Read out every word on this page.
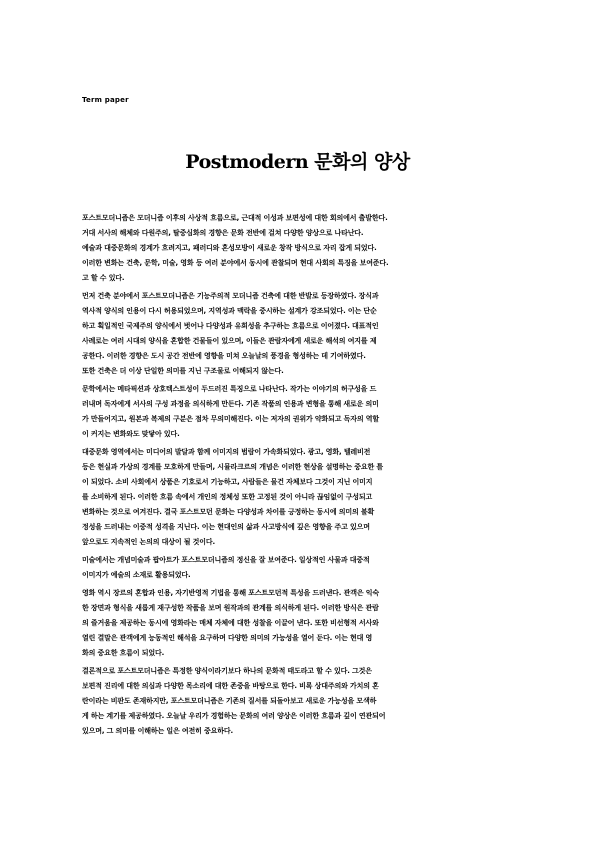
Term paper
Postmodern 문화의 양상
포스트모더니즘은 모더니즘 이후의 사상적 흐름으로, 근대적 이성과 보편성에 대한 회의에서 출발한다.
거대 서사의 해체와 다원주의, 탈중심화의 경향은 문화 전반에 걸쳐 다양한 양상으로 나타난다.
예술과 대중문화의 경계가 흐려지고, 패러디와 혼성모방이 새로운 창작 방식으로 자리 잡게 되었다.
이러한 변화는 건축, 문학, 미술, 영화 등 여러 분야에서 동시에 관찰되며 현대 사회의 특징을 보여준다.
고 할 수 있다.
먼저 건축 분야에서 포스트모더니즘은 기능주의적 모더니즘 건축에 대한 반발로 등장하였다. 장식과
역사적 양식의 인용이 다시 허용되었으며, 지역성과 맥락을 중시하는 설계가 강조되었다. 이는 단순
하고 획일적인 국제주의 양식에서 벗어나 다양성과 유희성을 추구하는 흐름으로 이어졌다. 대표적인
사례로는 여러 시대의 양식을 혼합한 건물들이 있으며, 이들은 관람자에게 새로운 해석의 여지를 제
공한다. 이러한 경향은 도시 공간 전반에 영향을 미쳐 오늘날의 풍경을 형성하는 데 기여하였다.
또한 건축은 더 이상 단일한 의미를 지닌 구조물로 이해되지 않는다.
문학에서는 메타픽션과 상호텍스트성이 두드러진 특징으로 나타난다. 작가는 이야기의 허구성을 드
러내며 독자에게 서사의 구성 과정을 의식하게 만든다. 기존 작품의 인용과 변형을 통해 새로운 의미
가 만들어지고, 원본과 복제의 구분은 점차 무의미해진다. 이는 저자의 권위가 약화되고 독자의 역할
이 커지는 변화와도 맞닿아 있다.
대중문화 영역에서는 미디어의 발달과 함께 이미지의 범람이 가속화되었다. 광고, 영화, 텔레비전
등은 현실과 가상의 경계를 모호하게 만들며, 시뮬라크르의 개념은 이러한 현상을 설명하는 중요한 틀
이 되었다. 소비 사회에서 상품은 기호로서 기능하고, 사람들은 물건 자체보다 그것이 지닌 이미지
를 소비하게 된다. 이러한 흐름 속에서 개인의 정체성 또한 고정된 것이 아니라 끊임없이 구성되고
변화하는 것으로 여겨진다. 결국 포스트모던 문화는 다양성과 차이를 긍정하는 동시에 의미의 불확
정성을 드러내는 이중적 성격을 지닌다. 이는 현대인의 삶과 사고방식에 깊은 영향을 주고 있으며
앞으로도 지속적인 논의의 대상이 될 것이다.
미술에서는 개념미술과 팝아트가 포스트모더니즘의 정신을 잘 보여준다. 일상적인 사물과 대중적
이미지가 예술의 소재로 활용되었다.
영화 역시 장르의 혼합과 인용, 자기반영적 기법을 통해 포스트모던적 특성을 드러낸다. 관객은 익숙
한 장면과 형식을 새롭게 재구성한 작품을 보며 원작과의 관계를 의식하게 된다. 이러한 방식은 관람
의 즐거움을 제공하는 동시에 영화라는 매체 자체에 대한 성찰을 이끌어 낸다. 또한 비선형적 서사와
열린 결말은 관객에게 능동적인 해석을 요구하며 다양한 의미의 가능성을 열어 둔다. 이는 현대 영
화의 중요한 흐름이 되었다.
결론적으로 포스트모더니즘은 특정한 양식이라기보다 하나의 문화적 태도라고 할 수 있다. 그것은
보편적 진리에 대한 의심과 다양한 목소리에 대한 존중을 바탕으로 한다. 비록 상대주의와 가치의 혼
란이라는 비판도 존재하지만, 포스트모더니즘은 기존의 질서를 되돌아보고 새로운 가능성을 모색하
게 하는 계기를 제공하였다. 오늘날 우리가 경험하는 문화의 여러 양상은 이러한 흐름과 깊이 연관되어
있으며, 그 의미를 이해하는 일은 여전히 중요하다.
